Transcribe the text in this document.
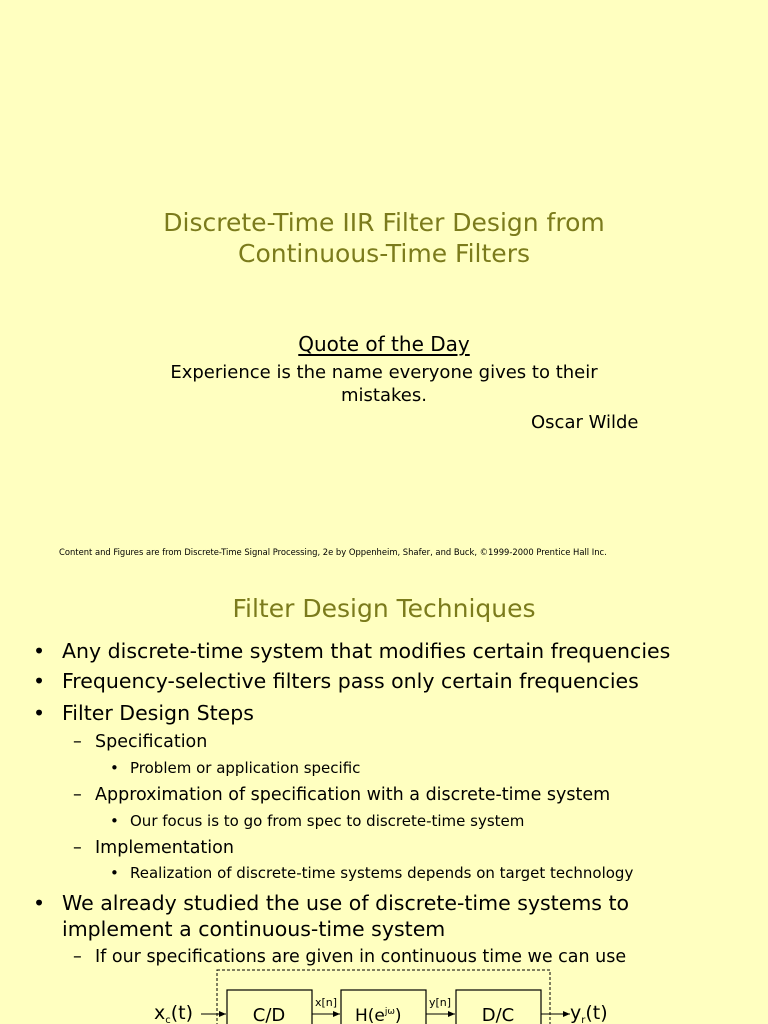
Discrete-Time IIR Filter Design from
Continuous-Time Filters
Quote of the Day
Experience is the name everyone gives to their
mistakes.
Oscar Wilde
Content and Figures are from Discrete-Time Signal Processing, 2e by Oppenheim, Shafer, and Buck, ©1999-2000 Prentice Hall Inc.
Filter Design Techniques
• Any discrete-time system that modifies certain frequencies
• Frequency-selective filters pass only certain frequencies
• Filter Design Steps
– Specification
• Problem or application specific
– Approximation of specification with a discrete-time system
• Our focus is to go from spec to discrete-time system
– Implementation
• Realization of discrete-time systems depends on target technology
• We already studied the use of discrete-time systems to
implement a continuous-time system
– If our specifications are given in continuous time we can use
$x_c(t)$	C/D	$H(e^{j\omega})$	D/C
x[n]	y[n]	$y_r(t)$
